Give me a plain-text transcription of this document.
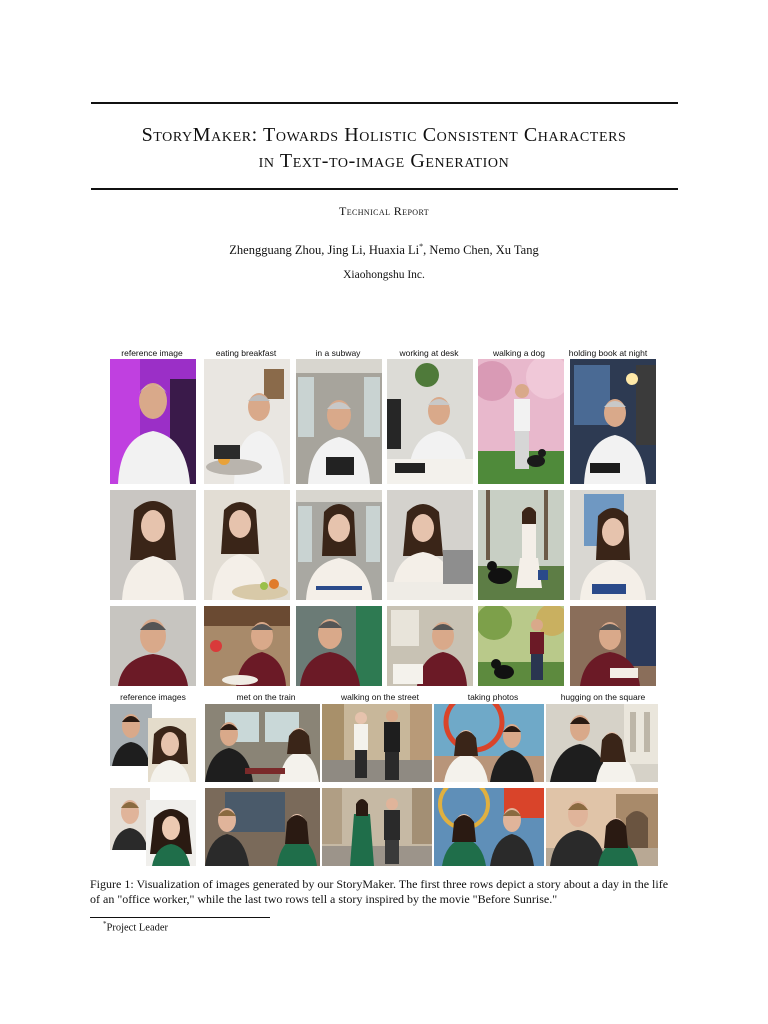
StoryMaker: Towards Holistic Consistent Characters
in Text-to-image Generation
Technical Report
Zhengguang Zhou, Jing Li, Huaxia Li*, Nemo Chen, Xu Tang
Xiaohongshu Inc.
reference image	eating breakfast	in a subway	working at desk	walking a dog	holding book at night
reference images	met on the train	walking on the street	taking photos	hugging on the square
Figure 1: Visualization of images generated by our StoryMaker. The first three rows depict a story about a day in the life of an "office worker," while the last two rows tell a story inspired by the movie "Before Sunrise."
*Project Leader
